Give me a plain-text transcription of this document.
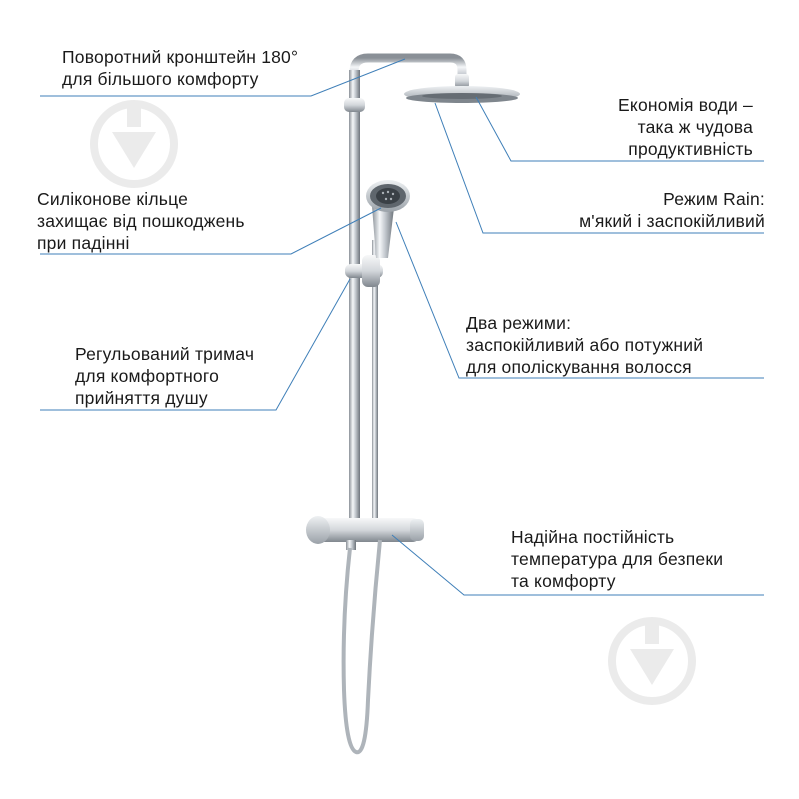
Поворотний кронштейн 180°
для більшого комфорту
Економія води –
така ж чудова
продуктивність
Режим Rain:
м'який і заспокійливий
Силіконове кільце
захищає від пошкоджень
при падінні
Два режими:
заспокійливий або потужний
для ополіскування волосся
Регульований тримач
для комфортного
прийняття душу
Надійна постійність
температура для безпеки
та комфорту
